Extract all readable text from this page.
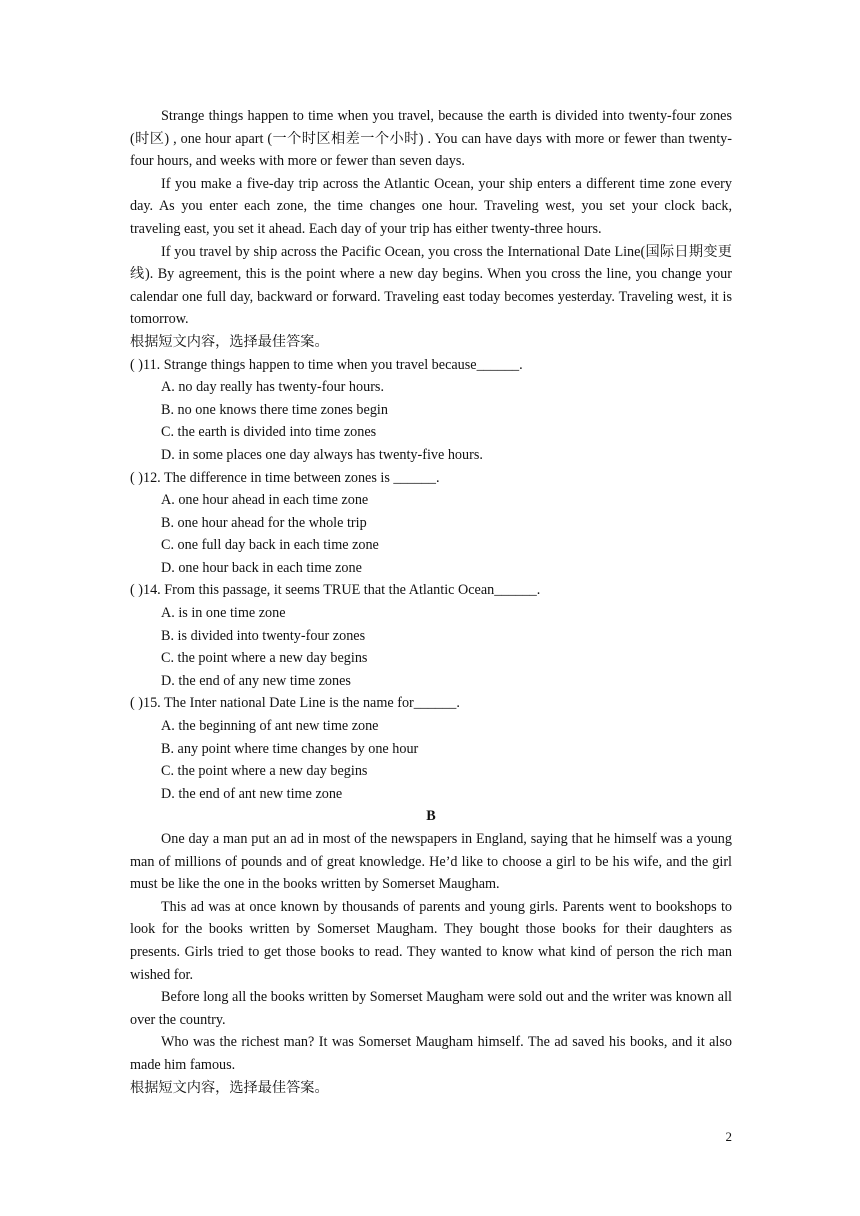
Strange things happen to time when you travel, because the earth is divided into twenty-four zones (时区) , one hour apart (一个时区相差一个小时) . You can have days with more or fewer than twenty-four hours, and weeks with more or fewer than seven days.

If you make a five-day trip across the Atlantic Ocean, your ship enters a different time zone every day. As you enter each zone, the time changes one hour. Traveling west, you set your clock back, traveling east, you set it ahead. Each day of your trip has either twenty-three hours.

If you travel by ship across the Pacific Ocean, you cross the International Date Line(国际日期变更线). By agreement, this is the point where a new day begins. When you cross the line, you change your calendar one full day, backward or forward. Traveling east today becomes yesterday. Traveling west, it is tomorrow.

根据短文内容，选择最佳答案。

( )11. Strange things happen to time when you travel because______.

A. no day really has twenty-four hours.

B. no one knows there time zones begin

C. the earth is divided into time zones

D. in some places one day always has twenty-five hours.

( )12. The difference in time between zones is ______.

A. one hour ahead in each time zone

B. one hour ahead for the whole trip

C. one full day back in each time zone

D. one hour back in each time zone

( )14. From this passage, it seems TRUE that the Atlantic Ocean______.

A. is in one time zone

B. is divided into twenty-four zones

C. the point where a new day begins

D. the end of any new time zones

( )15. The Inter national Date Line is the name for______.

A. the beginning of ant new time zone

B. any point where time changes by one hour

C. the point where a new day begins

D. the end of ant new time zone

B

One day a man put an ad in most of the newspapers in England, saying that he himself was a young man of millions of pounds and of great knowledge. He’d like to choose a girl to be his wife, and the girl must be like the one in the books written by Somerset Maugham.

This ad was at once known by thousands of parents and young girls. Parents went to bookshops to look for the books written by Somerset Maugham. They bought those books for their daughters as presents. Girls tried to get those books to read. They wanted to know what kind of person the rich man wished for.

Before long all the books written by Somerset Maugham were sold out and the writer was known all over the country.

Who was the richest man? It was Somerset Maugham himself. The ad saved his books, and it also made him famous.

根据短文内容，选择最佳答案。

2
